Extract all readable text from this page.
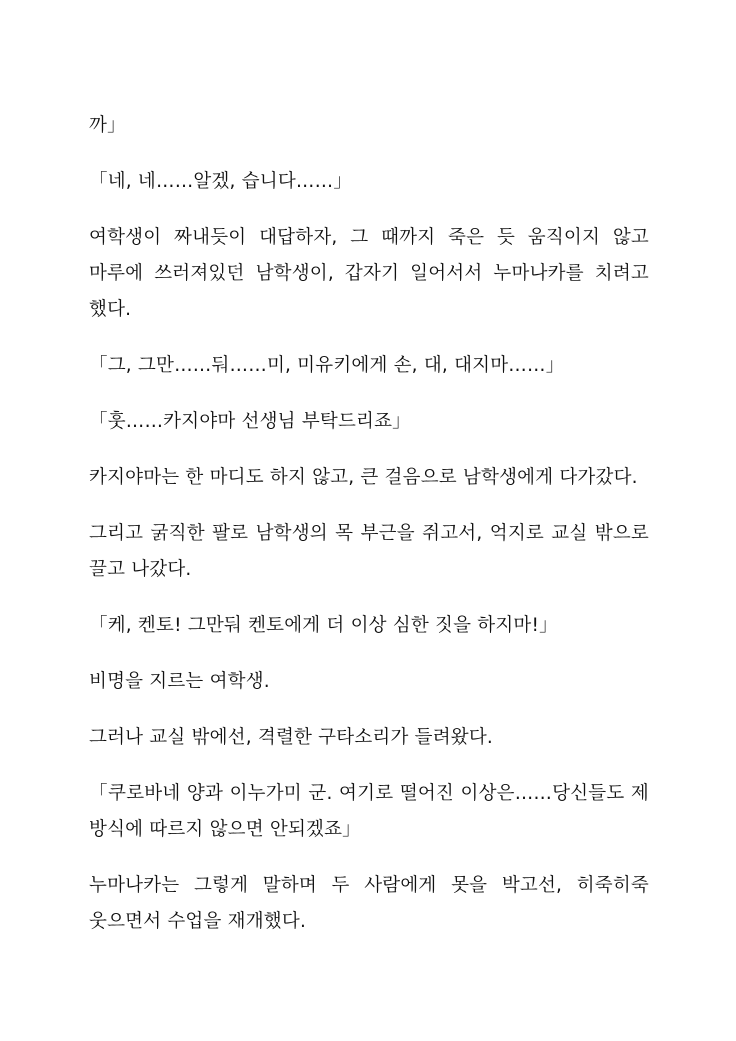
까」

「네, 네……알겠, 습니다……」

여학생이 짜내듯이 대답하자, 그 때까지 죽은 듯 움직이지 않고 마루에 쓰러져있던 남학생이, 갑자기 일어서서 누마나카를 치려고 했다.

「그, 그만……둬……미, 미유키에게 손, 대, 대지마……」

「훗……카지야마 선생님 부탁드리죠」

카지야마는 한 마디도 하지 않고, 큰 걸음으로 남학생에게 다가갔다.

그리고 굵직한 팔로 남학생의 목 부근을 쥐고서, 억지로 교실 밖으로 끌고 나갔다.

「케, 켄토! 그만둬 켄토에게 더 이상 심한 짓을 하지마!」

비명을 지르는 여학생.

그러나 교실 밖에선, 격렬한 구타소리가 들려왔다.

「쿠로바네 양과 이누가미 군. 여기로 떨어진 이상은……당신들도 제 방식에 따르지 않으면 안되겠죠」

누마나카는 그렇게 말하며 두 사람에게 못을 박고선, 히죽히죽 웃으면서 수업을 재개했다.
